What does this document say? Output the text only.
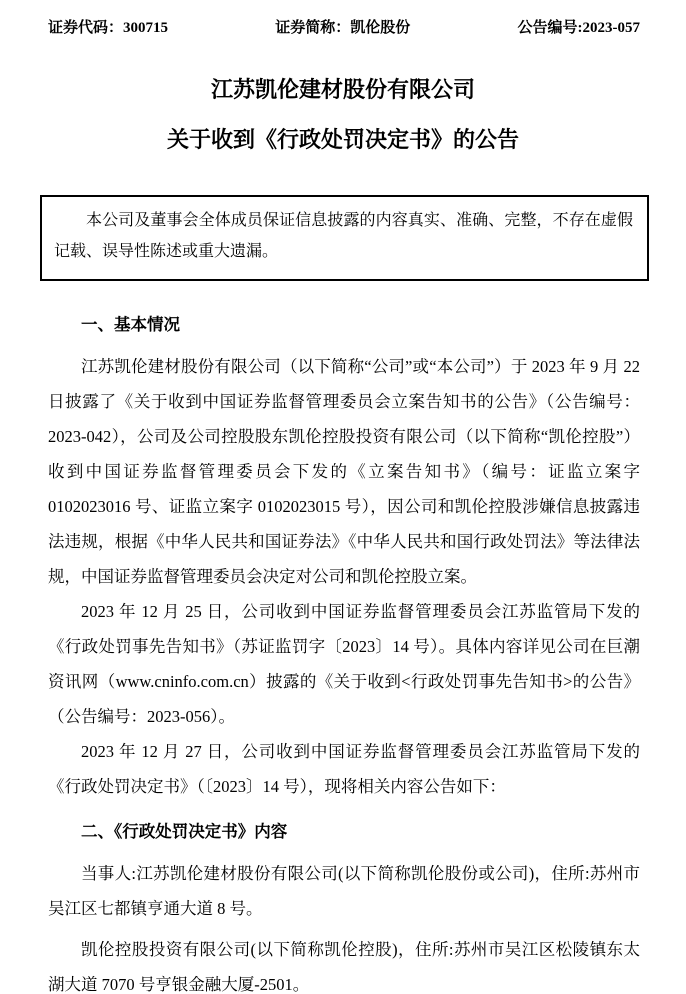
证券代码：300715	证券简称：凯伦股份	公告编号:2023-057
江苏凯伦建材股份有限公司
关于收到《行政处罚决定书》的公告

本公司及董事会全体成员保证信息披露的内容真实、准确、完整，不存在虚假记载、误导性陈述或重大遗漏。

一、基本情况

江苏凯伦建材股份有限公司（以下简称“公司”或“本公司”）于 2023 年 9 月 22 日披露了《关于收到中国证券监督管理委员会立案告知书的公告》（公告编号：2023-042），公司及公司控股股东凯伦控股投资有限公司（以下简称“凯伦控股”）收到中国证券监督管理委员会下发的《立案告知书》（编号：证监立案字 0102023016 号、证监立案字 0102023015 号），因公司和凯伦控股涉嫌信息披露违法违规，根据《中华人民共和国证券法》《中华人民共和国行政处罚法》等法律法规，中国证券监督管理委员会决定对公司和凯伦控股立案。

2023 年 12 月 25 日，公司收到中国证券监督管理委员会江苏监管局下发的《行政处罚事先告知书》（苏证监罚字〔2023〕14 号）。具体内容详见公司在巨潮资讯网（www.cninfo.com.cn）披露的《关于收到<行政处罚事先告知书>的公告》（公告编号：2023-056）。

2023 年 12 月 27 日，公司收到中国证券监督管理委员会江苏监管局下发的《行政处罚决定书》（〔2023〕14 号），现将相关内容公告如下：

二、《行政处罚决定书》内容

当事人:江苏凯伦建材股份有限公司(以下简称凯伦股份或公司)，住所:苏州市吴江区七都镇亨通大道 8 号。

凯伦控股投资有限公司(以下简称凯伦控股)，住所:苏州市吴江区松陵镇东太湖大道 7070 号亨银金融大厦-2501。
